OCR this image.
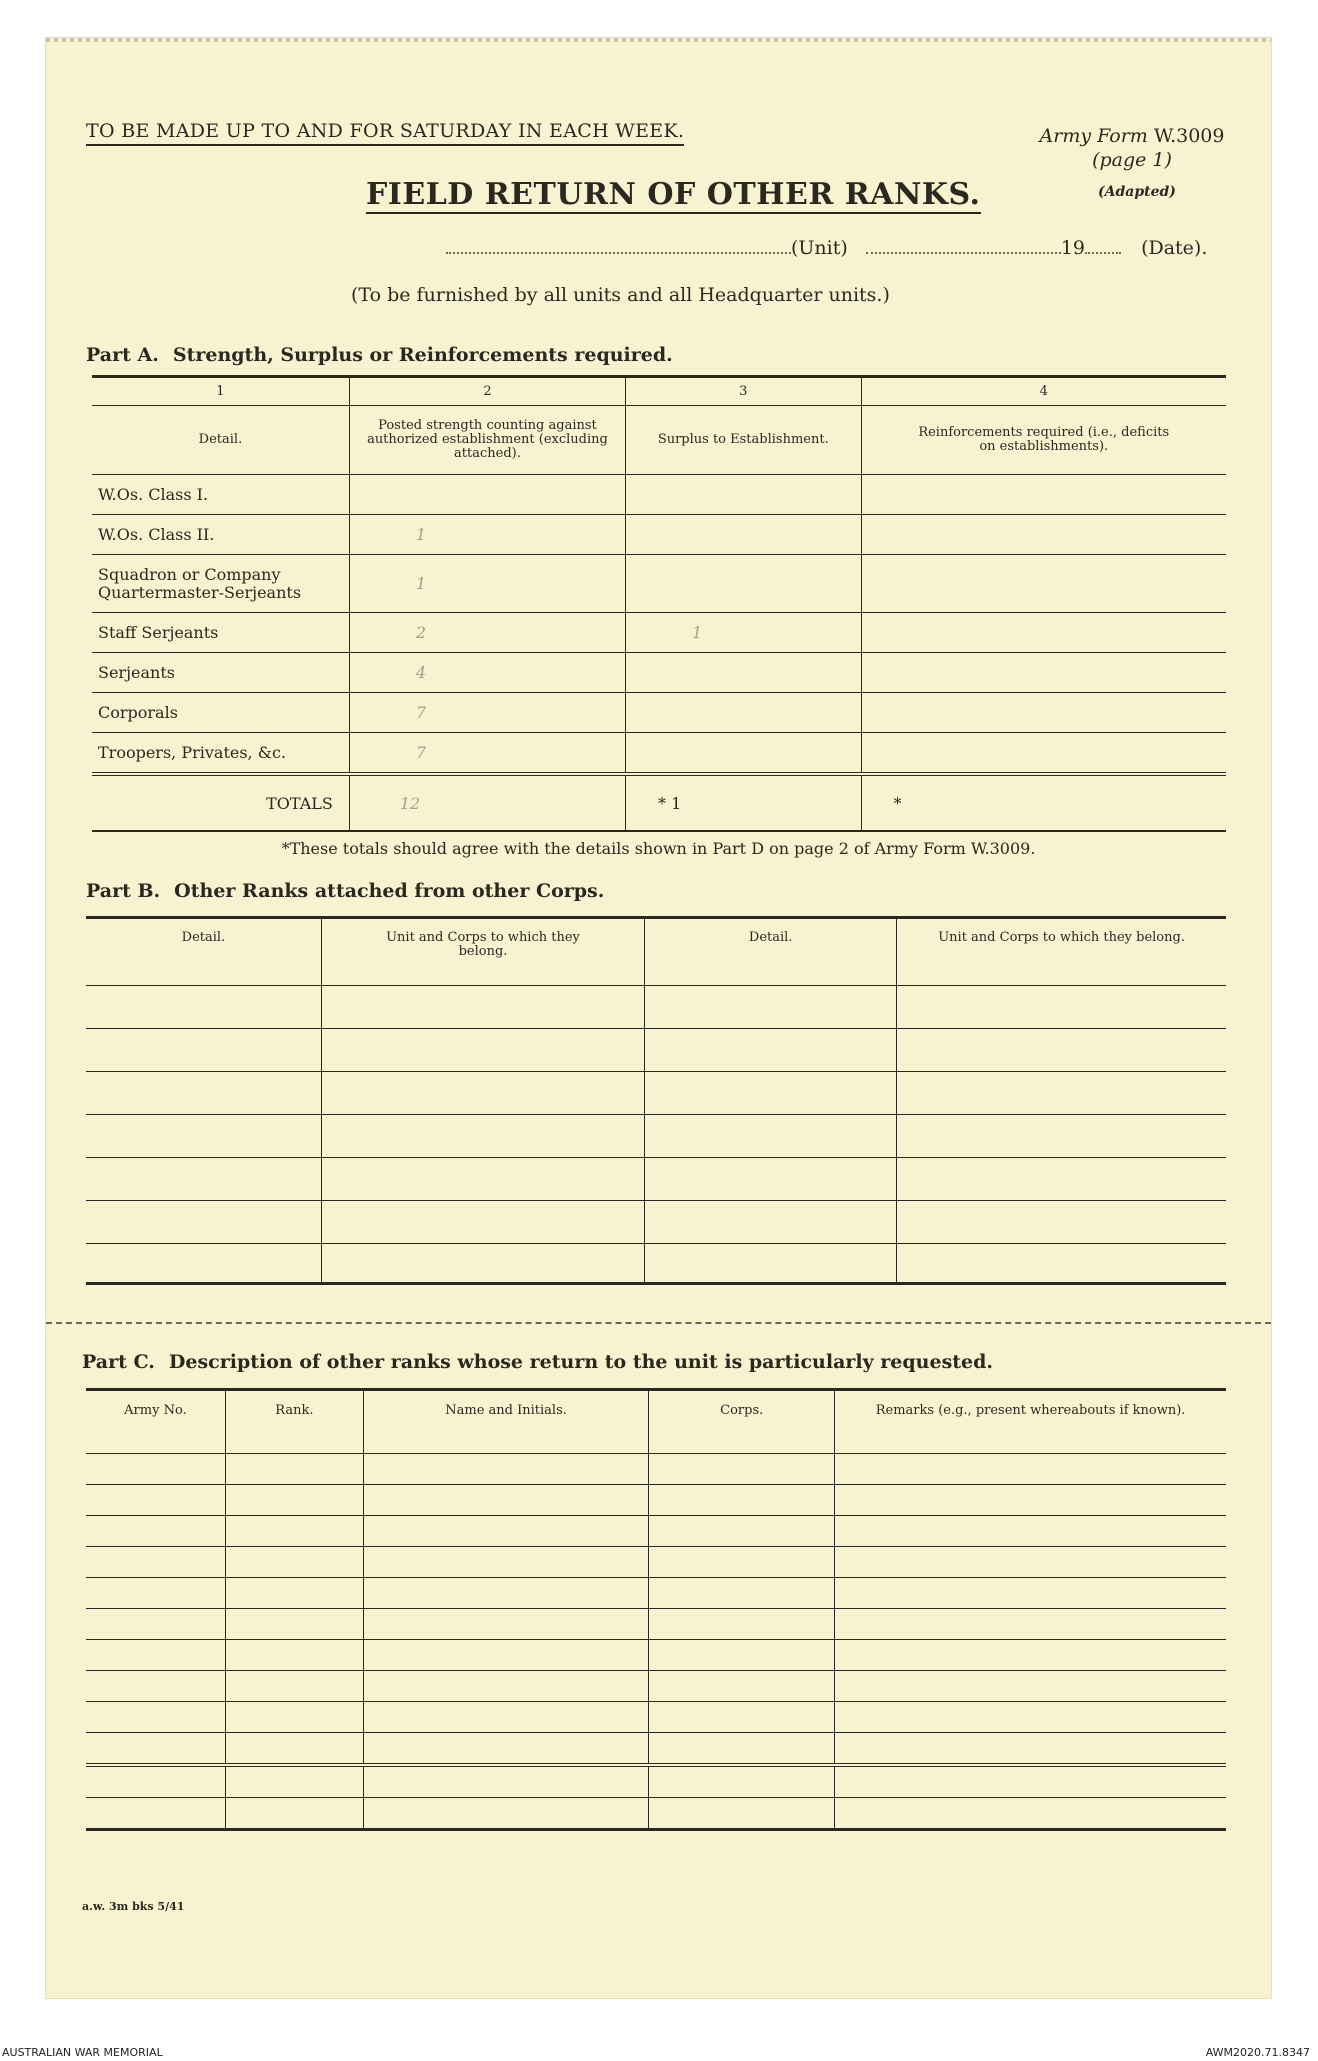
TO BE MADE UP TO AND FOR SATURDAY IN EACH WEEK.	Army Form W.3009
(page 1)
(Adapted)
FIELD RETURN OF OTHER RANKS.
(Unit)	19	(Date).
(To be furnished by all units and all Headquarter units.)
Part A. Strength, Surplus or Reinforcements required.
1	2	3	4
Detail.	Posted strength counting against authorized establishment (excluding attached).	Surplus to Establishment.	Reinforcements required (i.e., deficits on establishments).
W.Os. Class I.			
W.Os. Class II.	1		
Squadron or Company Quartermaster-Serjeants	1		
Staff Serjeants	2	1	
Serjeants	4		
Corporals	7		
Troopers, Privates, &c.	7		
TOTALS	12	* 1	*
*These totals should agree with the details shown in Part D on page 2 of Army Form W.3009.
Part B. Other Ranks attached from other Corps.
Detail.	Unit and Corps to which they belong.	Detail.	Unit and Corps to which they belong.

Part C. Description of other ranks whose return to the unit is particularly requested.
Army No.	Rank.	Name and Initials.	Corps.	Remarks (e.g., present whereabouts if known).

a.w. 3m bks 5/41
AUSTRALIAN WAR MEMORIAL	AWM2020.71.8347
